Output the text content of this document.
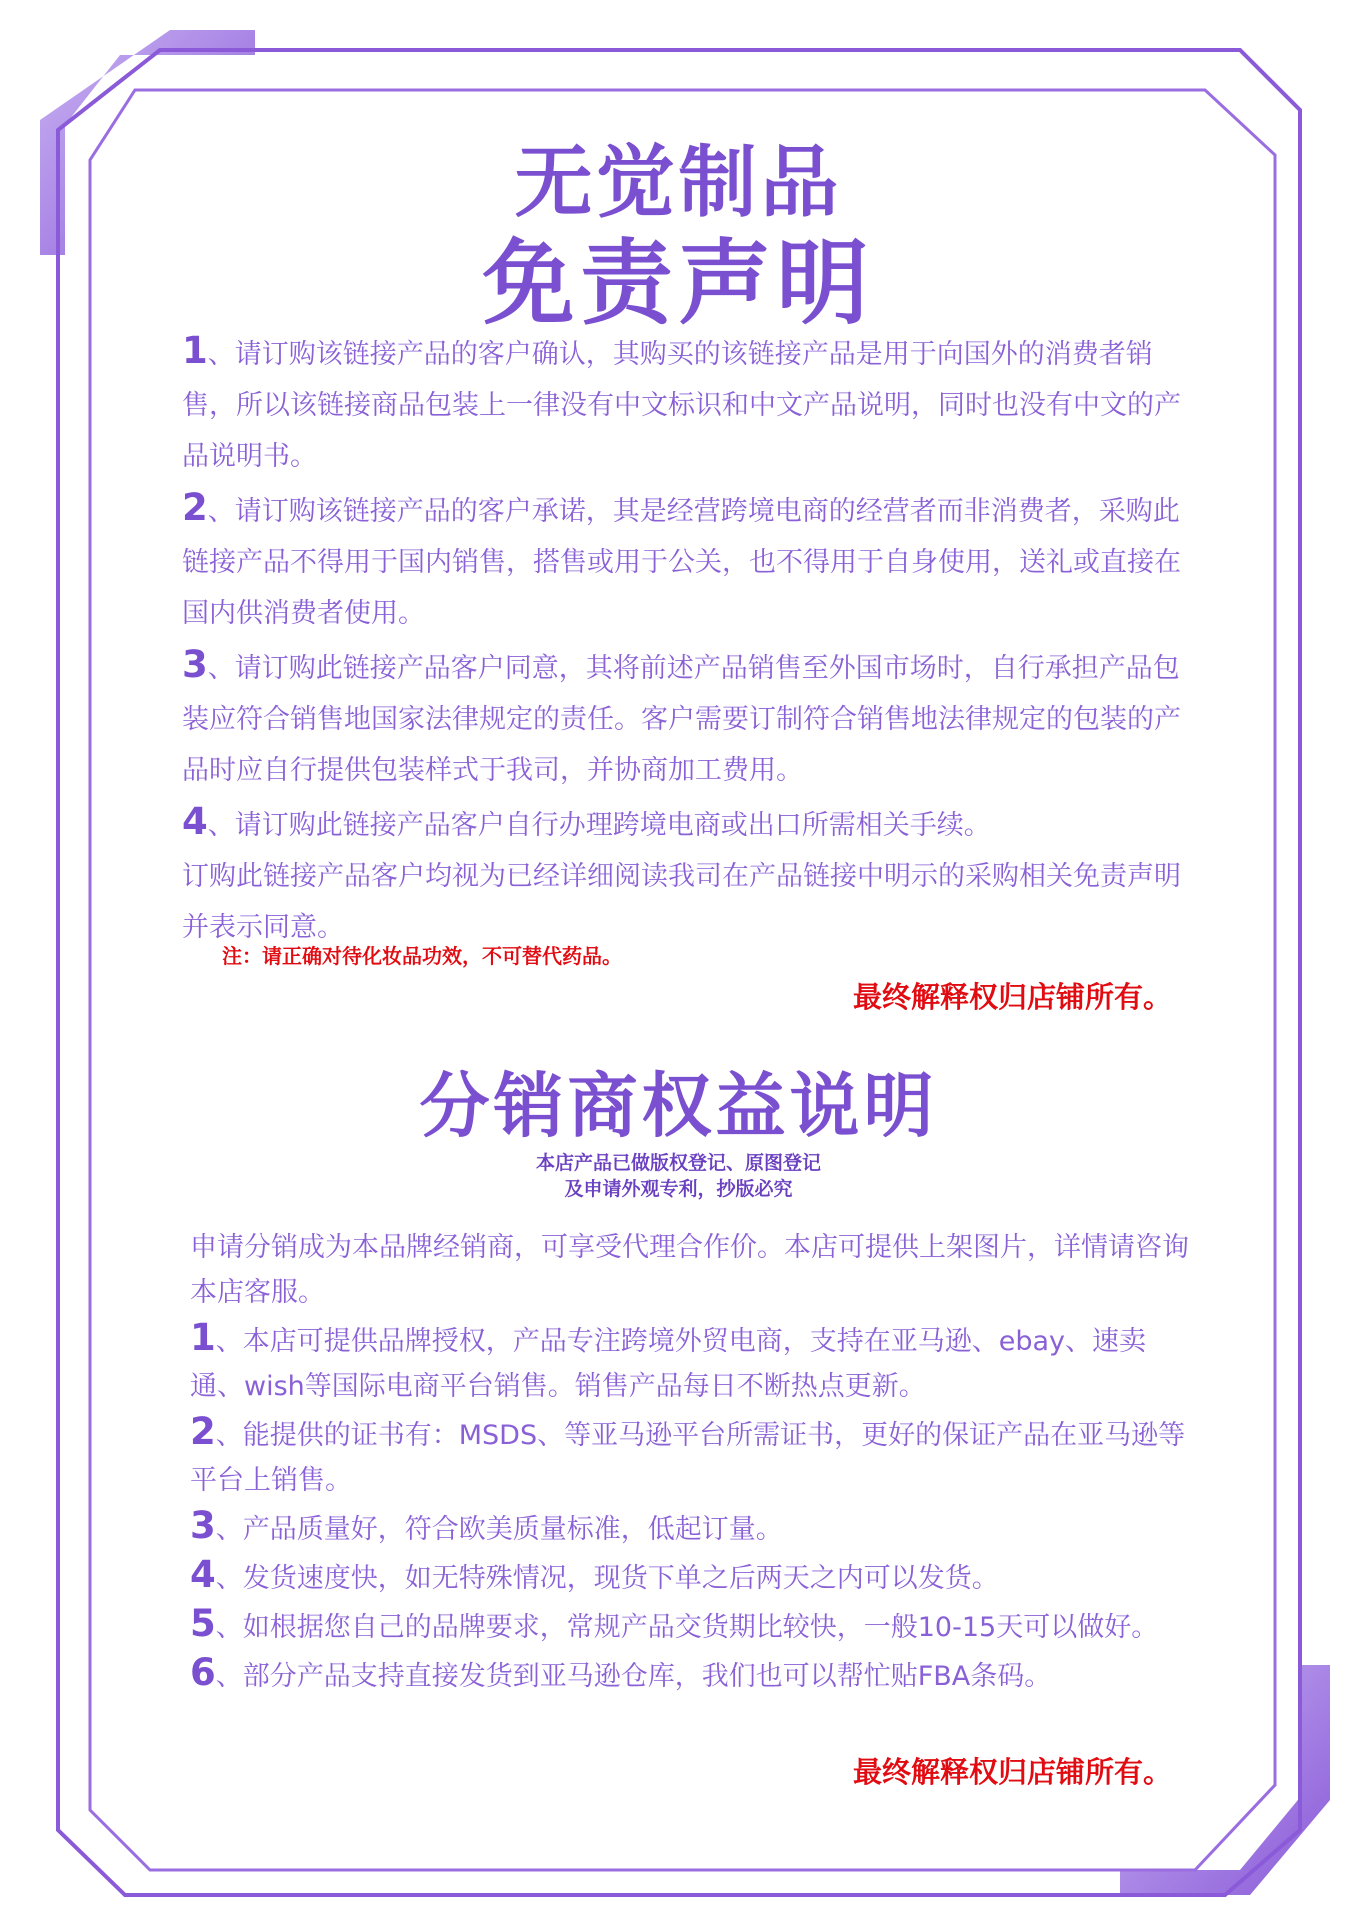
无觉制品
免责声明

1、请订购该链接产品的客户确认，其购买的该链接产品是用于向国外的消费者销售，所以该链接商品包装上一律没有中文标识和中文产品说明，同时也没有中文的产品说明书。

2、请订购该链接产品的客户承诺，其是经营跨境电商的经营者而非消费者，采购此链接产品不得用于国内销售，搭售或用于公关，也不得用于自身使用，送礼或直接在国内供消费者使用。

3、请订购此链接产品客户同意，其将前述产品销售至外国市场时，自行承担产品包装应符合销售地国家法律规定的责任。客户需要订制符合销售地法律规定的包装的产品时应自行提供包装样式于我司，并协商加工费用。

4、请订购此链接产品客户自行办理跨境电商或出口所需相关手续。

订购此链接产品客户均视为已经详细阅读我司在产品链接中明示的采购相关免责声明并表示同意。

注：请正确对待化妆品功效，不可替代药品。
最终解释权归店铺所有。
分销商权益说明
本店产品已做版权登记、原图登记
及申请外观专利，抄版必究

申请分销成为本品牌经销商，可享受代理合作价。本店可提供上架图片，详情请咨询本店客服。

1、本店可提供品牌授权，产品专注跨境外贸电商，支持在亚马逊、ebay、速卖通、wish等国际电商平台销售。销售产品每日不断热点更新。

2、能提供的证书有：MSDS、等亚马逊平台所需证书，更好的保证产品在亚马逊等平台上销售。

3、产品质量好，符合欧美质量标准，低起订量。

4、发货速度快，如无特殊情况，现货下单之后两天之内可以发货。

5、如根据您自己的品牌要求，常规产品交货期比较快，一般10-15天可以做好。

6、部分产品支持直接发货到亚马逊仓库，我们也可以帮忙贴FBA条码。

最终解释权归店铺所有。
